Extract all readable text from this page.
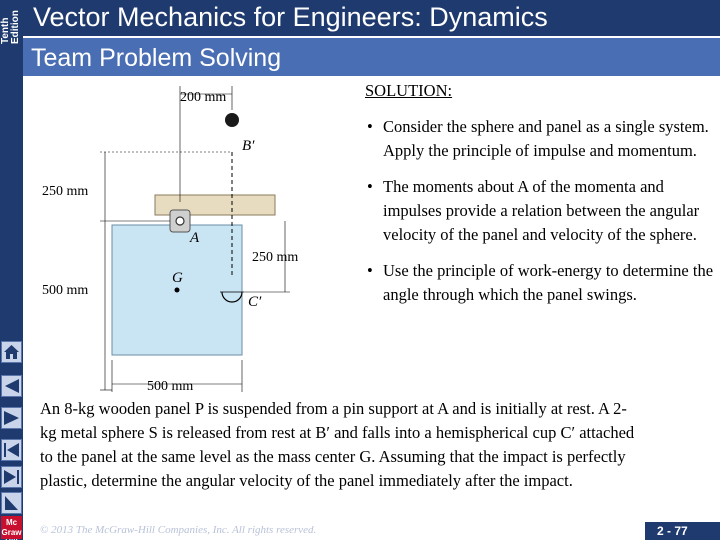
Tenth Edition
Mc
Graw
Hill
Vector Mechanics for Engineers: Dynamics
Team Problem Solving
200 mm
B′
250 mm
A
250 mm
G
500 mm
C′
500 mm
SOLUTION:
• Consider the sphere and panel as a single system. Apply the principle of impulse and momentum.
• The moments about A of the momenta and impulses provide a relation between the angular velocity of the panel and velocity of the sphere.
• Use the principle of work-energy to determine the angle through which the panel swings.
An 8-kg wooden panel P is suspended from a pin support at A and is initially at rest. A 2-kg metal sphere S is released from rest at B′ and falls into a hemispherical cup C′ attached to the panel at the same level as the mass center G. Assuming that the impact is perfectly plastic, determine the angular velocity of the panel immediately after the impact.
© 2013 The McGraw-Hill Companies, Inc. All rights reserved.	2 - 77
